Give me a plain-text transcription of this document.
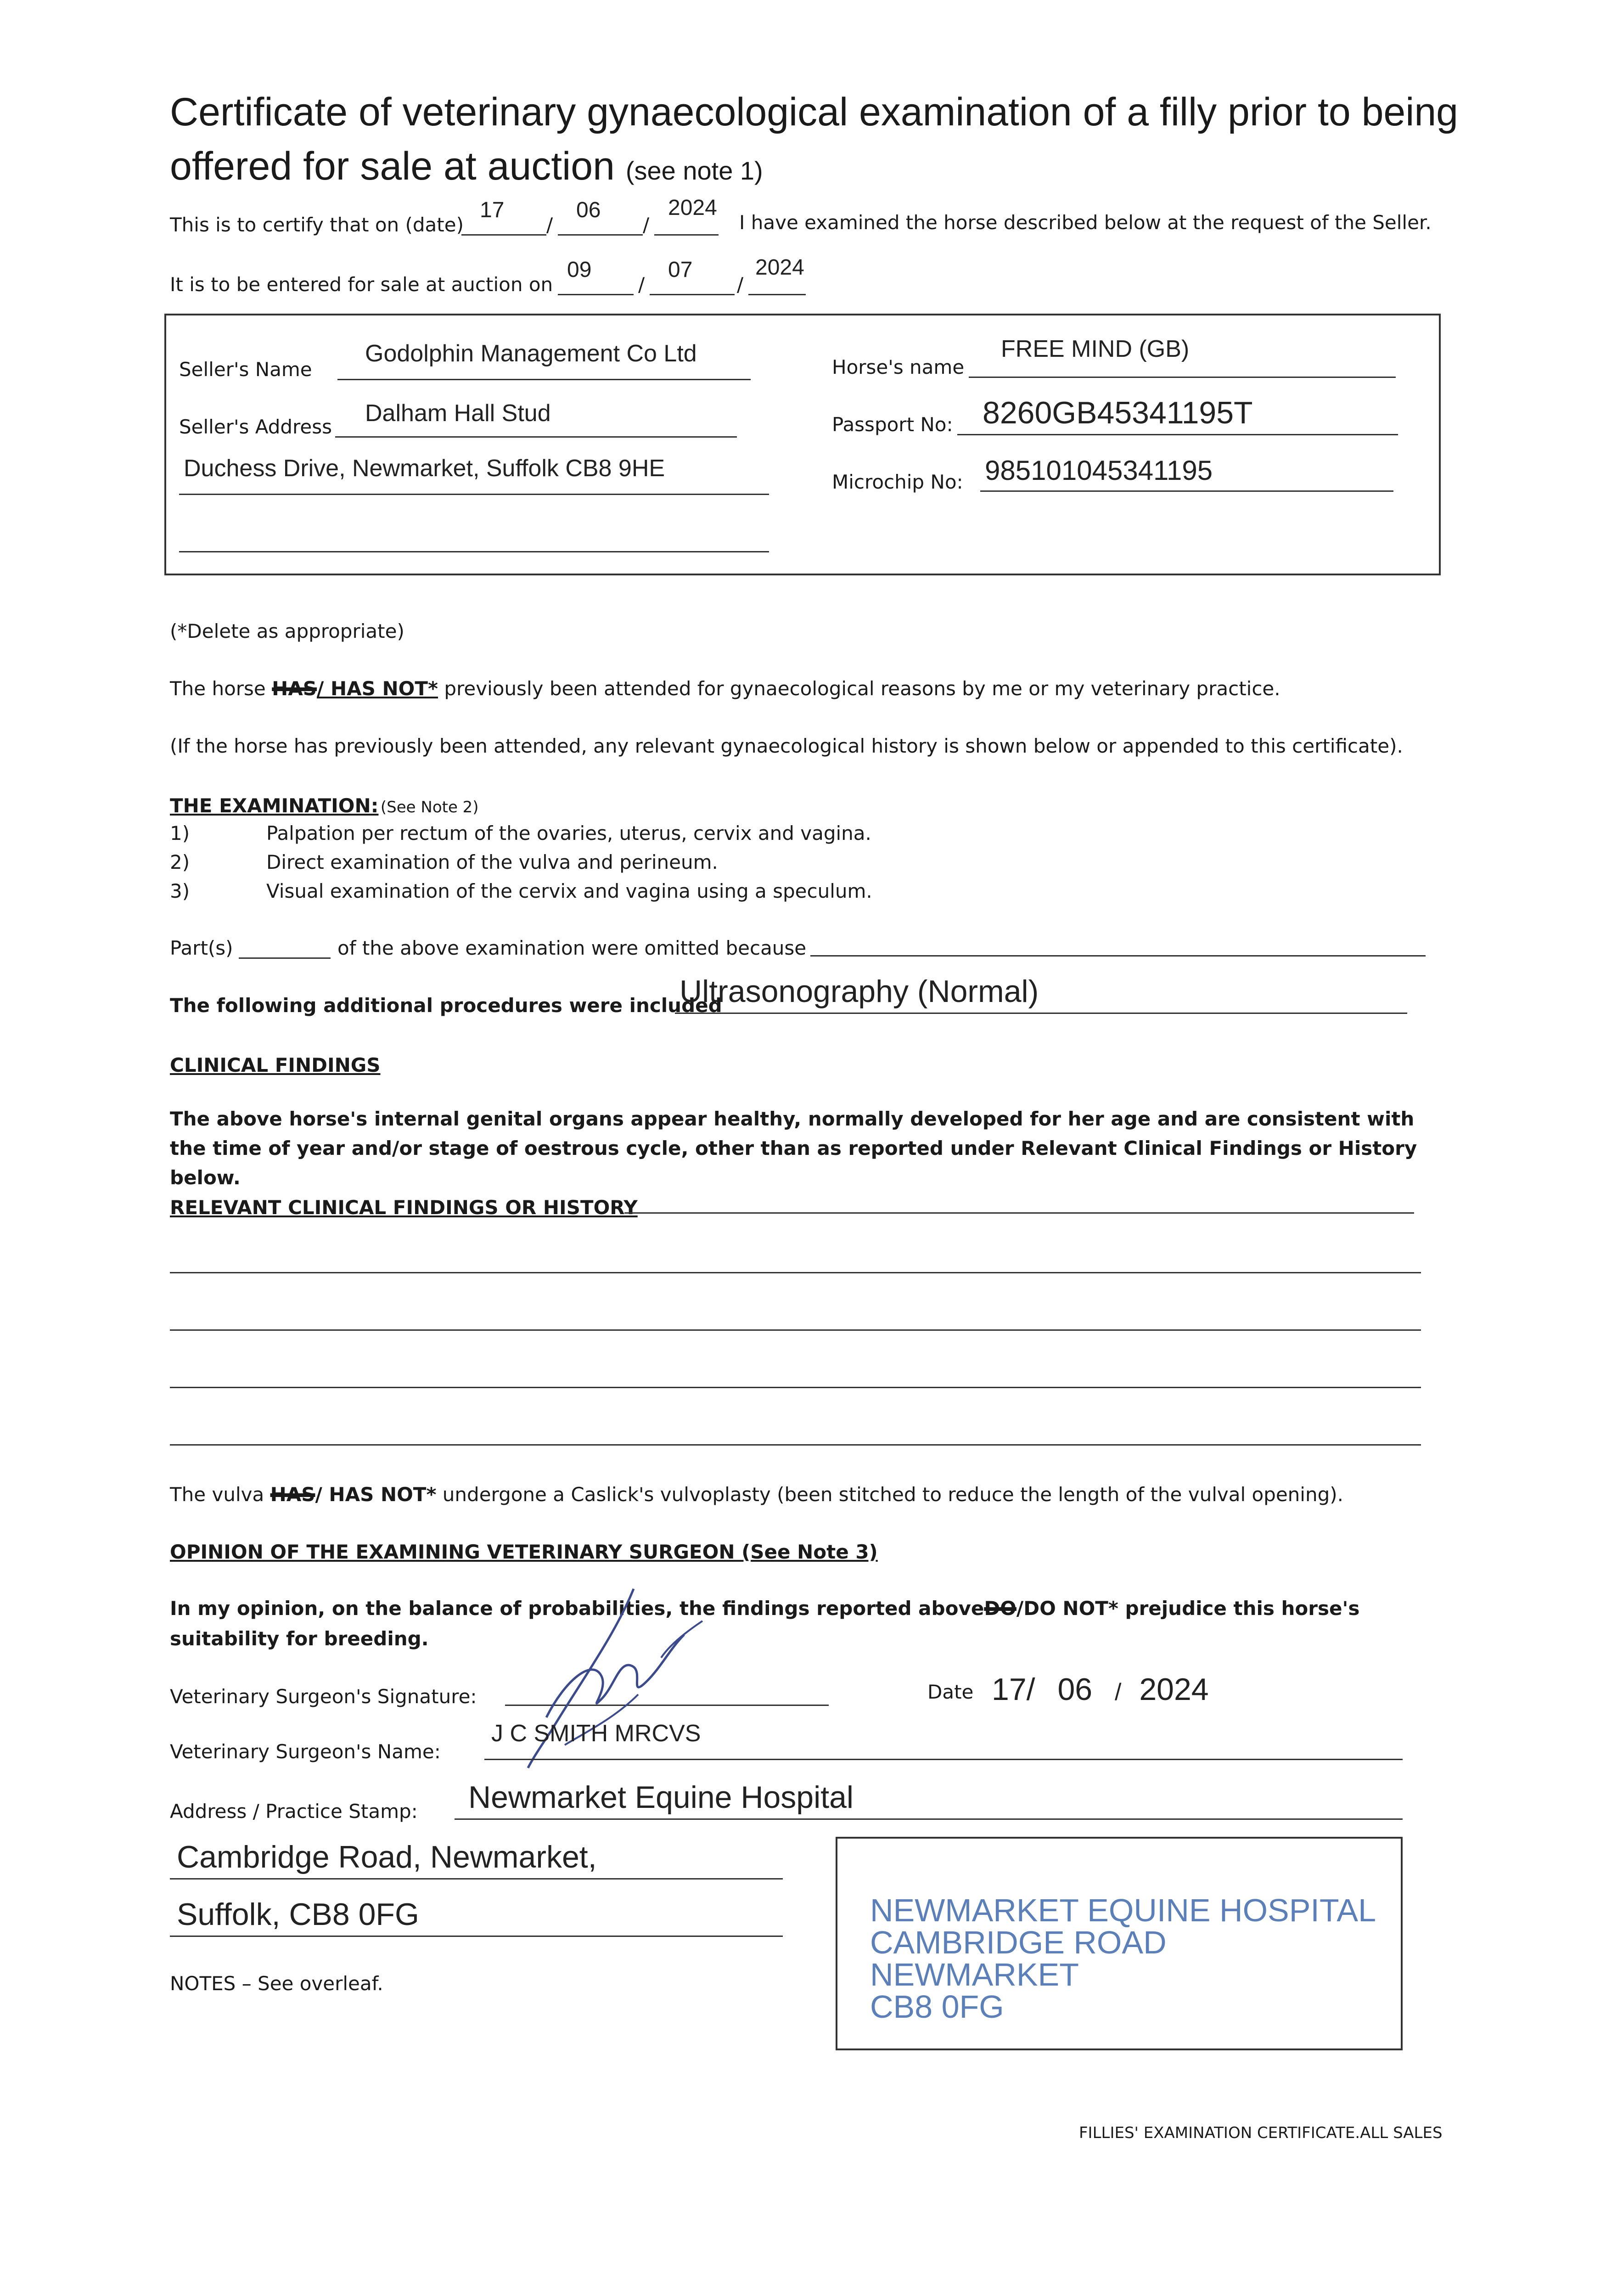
Certificate of veterinary gynaecological examination of a filly prior to being offered for sale at auction (see note 1)
This is to certify that on (date)
17
/
06
/
2024
I have examined the horse described below at the request of the Seller.
It is to be entered for sale at auction on
09
/
07
/
2024
Seller's Name
Godolphin Management Co Ltd
Seller's Address
Dalham Hall Stud
Duchess Drive, Newmarket, Suffolk CB8 9HE
Horse's name
FREE MIND (GB)
Passport No: 8260GB45341195T
Microchip No: 985101045341195
(*Delete as appropriate)
The horse HAS/ HAS NOT* previously been attended for gynaecological reasons by me or my veterinary practice.
(If the horse has previously been attended, any relevant gynaecological history is shown below or appended to this certificate).
THE EXAMINATION: (See Note 2)
1)	Palpation per rectum of the ovaries, uterus, cervix and vagina.
2)	Direct examination of the vulva and perineum.
3)	Visual examination of the cervix and vagina using a speculum.
Part(s)	of the above examination were omitted because
The following additional procedures were included
Ultrasonography (Normal)
CLINICAL FINDINGS
The above horse's internal genital organs appear healthy, normally developed for her age and are consistent with the time of year and/or stage of oestrous cycle, other than as reported under Relevant Clinical Findings or History below.
RELEVANT CLINICAL FINDINGS OR HISTORY
The vulva HAS/ HAS NOT* undergone a Caslick's vulvoplasty (been stitched to reduce the length of the vulval opening).
OPINION OF THE EXAMINING VETERINARY SURGEON (See Note 3)
In my opinion, on the balance of probabilities, the findings reported aboveDO/DO NOT* prejudice this horse's suitability for breeding.
Veterinary Surgeon's Signature:	Date 17/ 06 / 2024
Veterinary Surgeon's Name:
J C SMITH MRCVS
Address / Practice Stamp: Newmarket Equine Hospital
Cambridge Road, Newmarket,
Suffolk, CB8 0FG	NEWMARKET EQUINE HOSPITAL
CAMBRIDGE ROAD
NEWMARKET
CB8 0FG
NOTES – See overleaf.
FILLIES' EXAMINATION CERTIFICATE.ALL SALES
